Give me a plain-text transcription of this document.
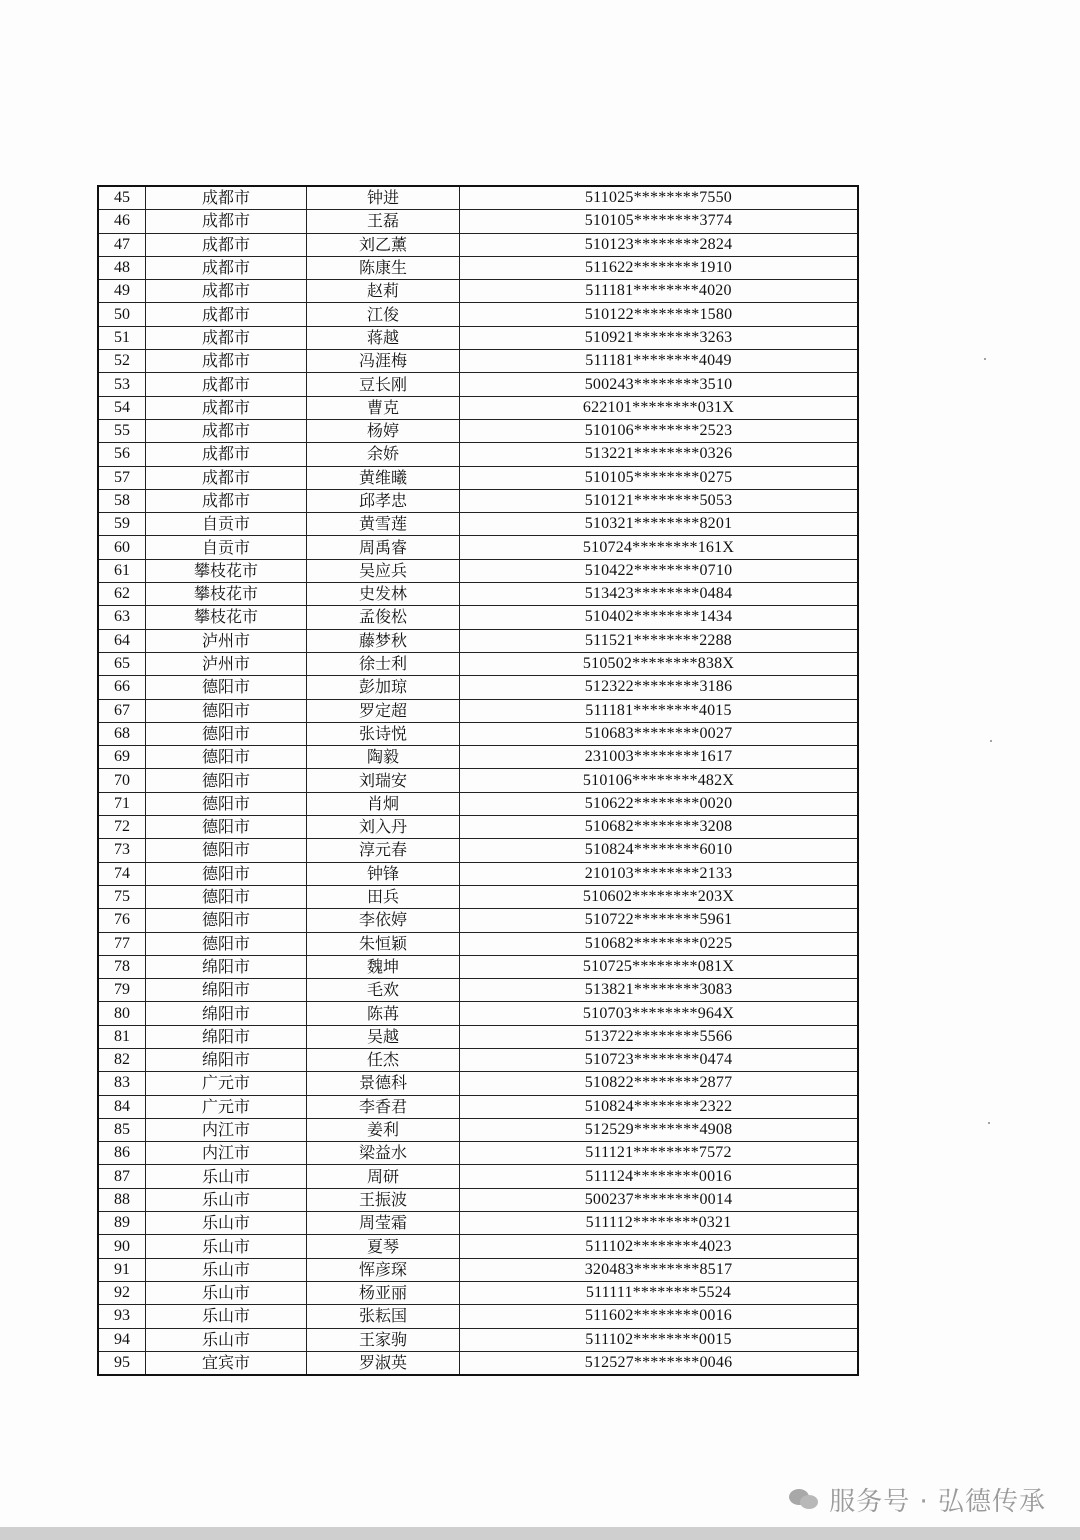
45	成都市	钟进	511025********7550
46	成都市	王磊	510105********3774
47	成都市	刘乙薰	510123********2824
48	成都市	陈康生	511622********1910
49	成都市	赵莉	511181********4020
50	成都市	江俊	510122********1580
51	成都市	蒋越	510921********3263
52	成都市	冯涯梅	511181********4049
53	成都市	豆长刚	500243********3510
54	成都市	曹克	622101********031X
55	成都市	杨婷	510106********2523
56	成都市	余娇	513221********0326
57	成都市	黄维曦	510105********0275
58	成都市	邱孝忠	510121********5053
59	自贡市	黄雪莲	510321********8201
60	自贡市	周禹睿	510724********161X
61	攀枝花市	吴应兵	510422********0710
62	攀枝花市	史发林	513423********0484
63	攀枝花市	孟俊松	510402********1434
64	泸州市	藤梦秋	511521********2288
65	泸州市	徐士利	510502********838X
66	德阳市	彭加琼	512322********3186
67	德阳市	罗定超	511181********4015
68	德阳市	张诗悦	510683********0027
69	德阳市	陶毅	231003********1617
70	德阳市	刘瑞安	510106********482X
71	德阳市	肖炯	510622********0020
72	德阳市	刘入丹	510682********3208
73	德阳市	淳元春	510824********6010
74	德阳市	钟锋	210103********2133
75	德阳市	田兵	510602********203X
76	德阳市	李依婷	510722********5961
77	德阳市	朱恒颖	510682********0225
78	绵阳市	魏坤	510725********081X
79	绵阳市	毛欢	513821********3083
80	绵阳市	陈苒	510703********964X
81	绵阳市	吴越	513722********5566
82	绵阳市	任杰	510723********0474
83	广元市	景德科	510822********2877
84	广元市	李香君	510824********2322
85	内江市	姜利	512529********4908
86	内江市	梁益水	511121********7572
87	乐山市	周研	511124********0016
88	乐山市	王振波	500237********0014
89	乐山市	周莹霜	511112********0321
90	乐山市	夏琴	511102********4023
91	乐山市	恽彦琛	320483********8517
92	乐山市	杨亚丽	511111********5524
93	乐山市	张耘国	511602********0016
94	乐山市	王家驹	511102********0015
95	宜宾市	罗淑英	512527********0046
服务号 · 弘德传承
